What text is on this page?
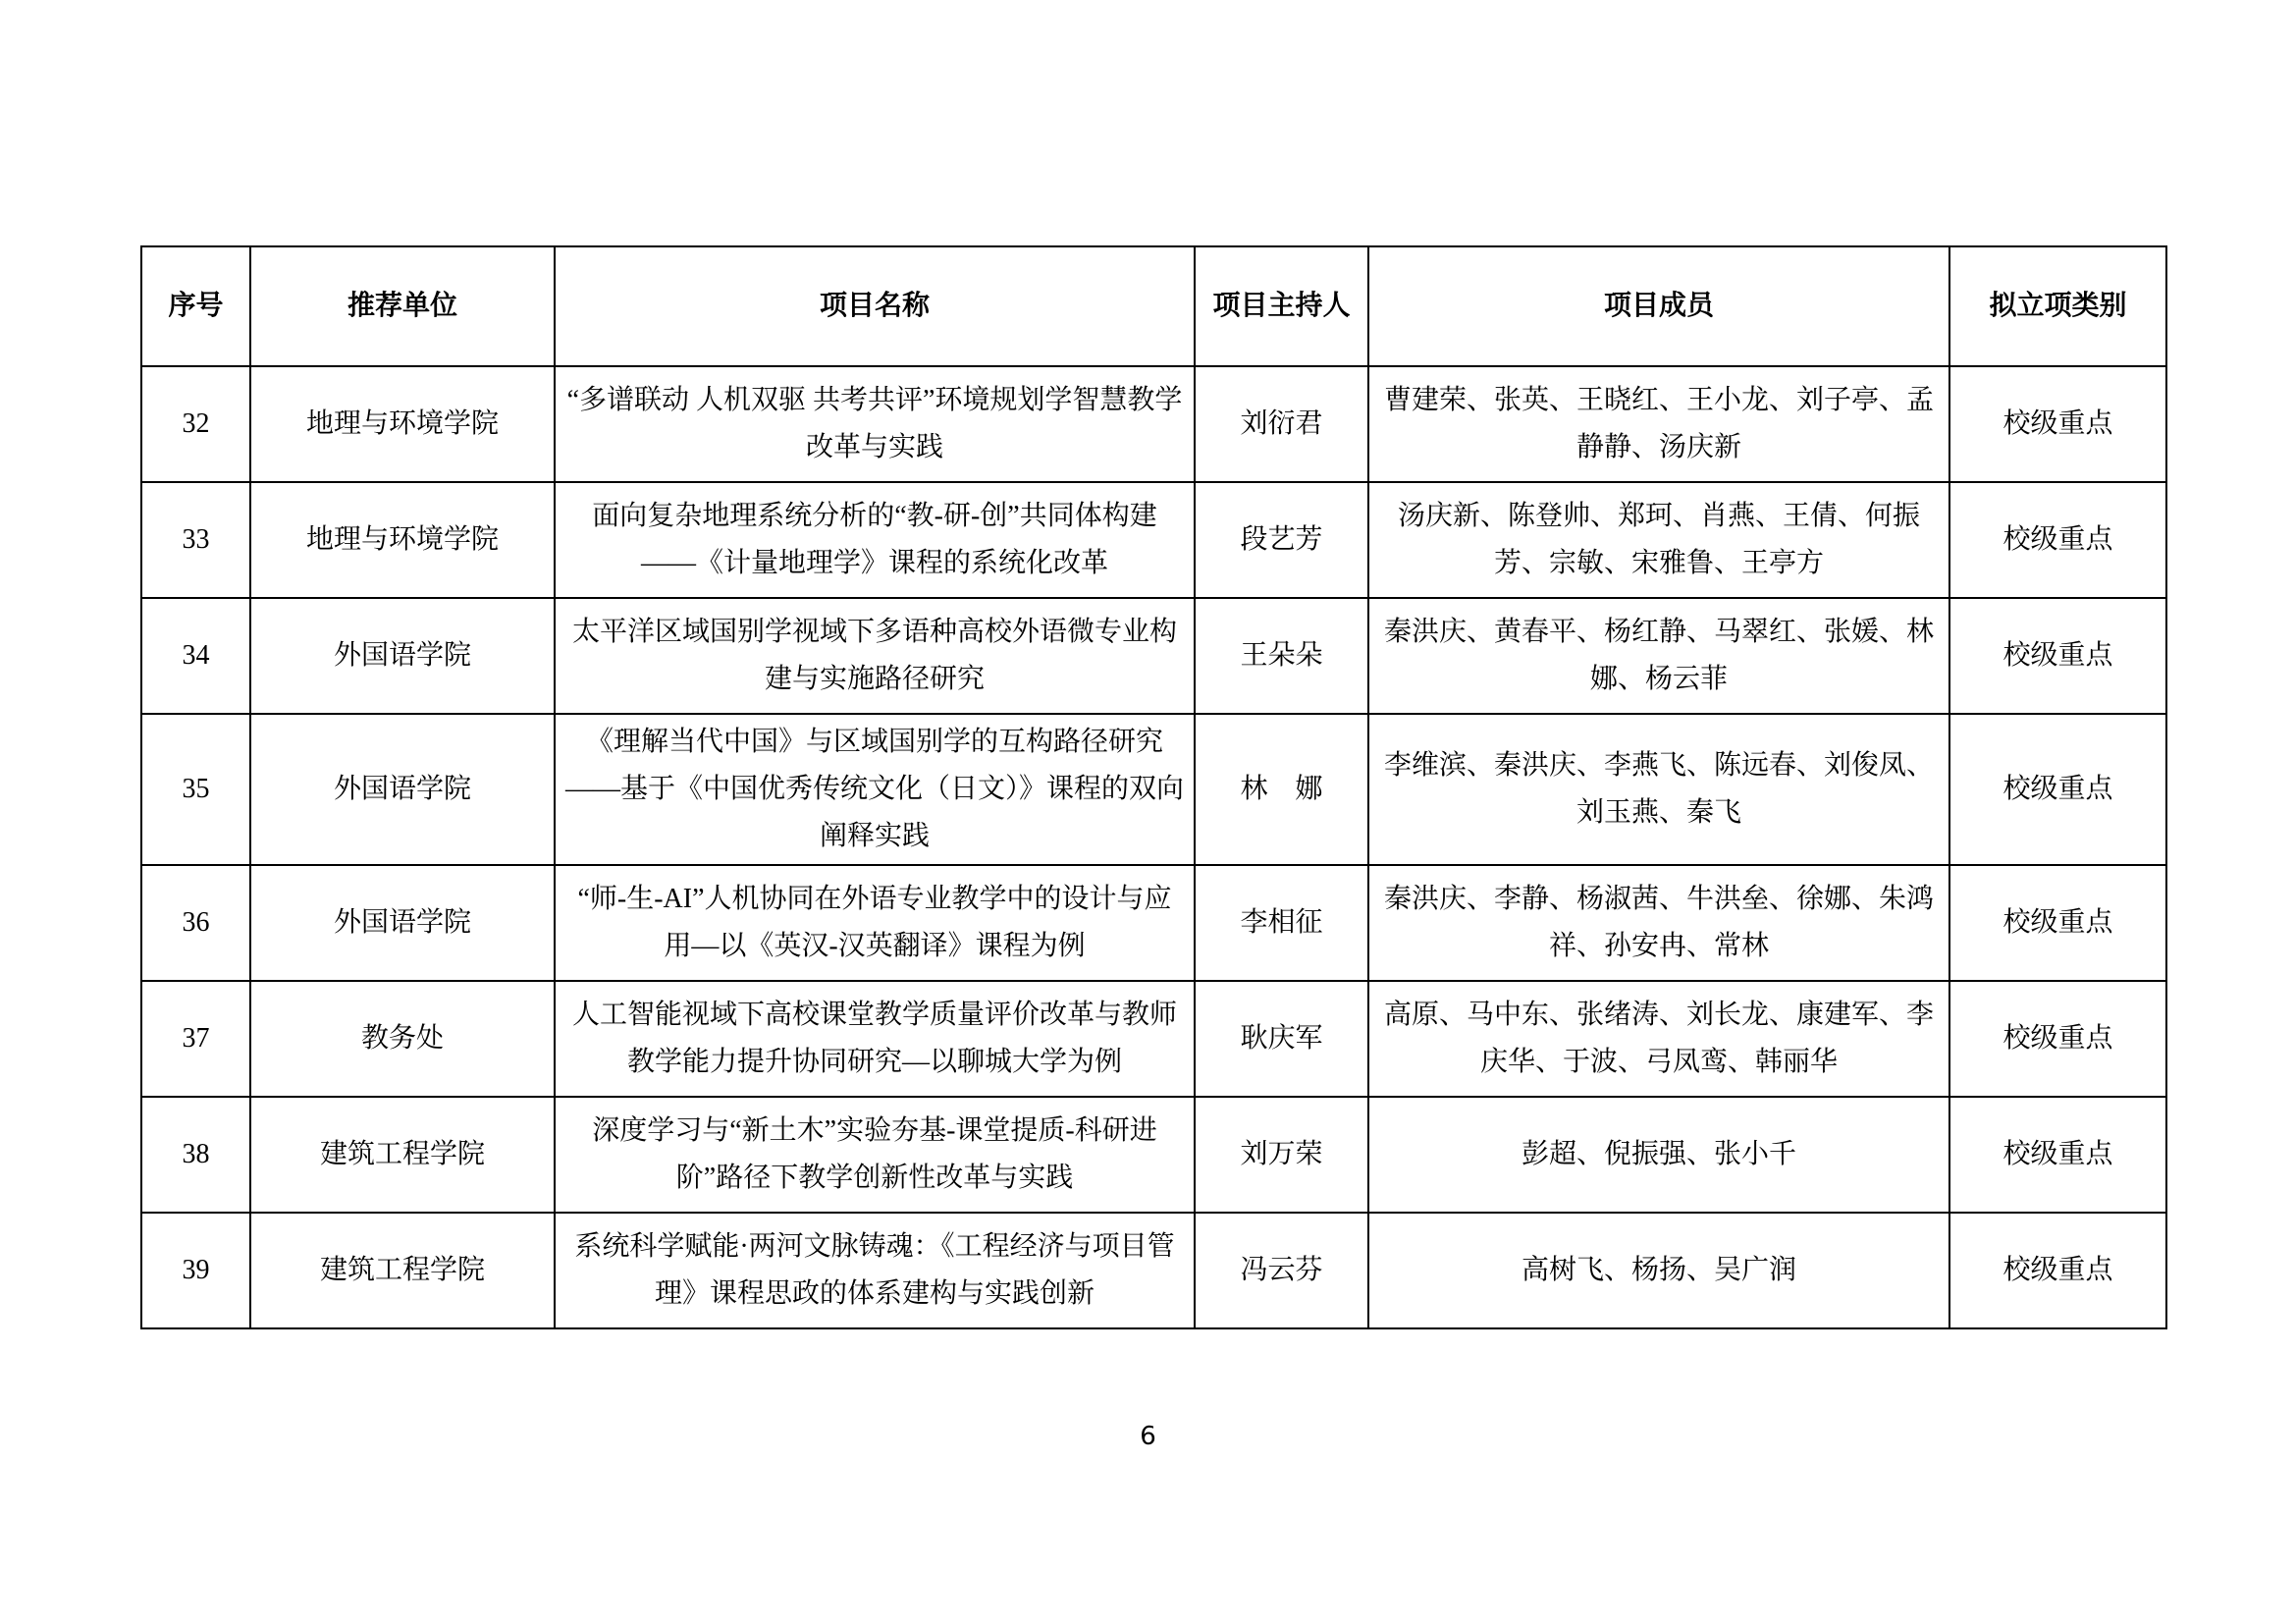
序号	推荐单位	项目名称	项目主持人	项目成员	拟立项类别
32	地理与环境学院	“多谱联动 人机双驱 共考共评”环境规划学智慧教学改革与实践	刘衍君	曹建荣、张英、王晓红、王小龙、刘子亭、孟静静、汤庆新	校级重点
33	地理与环境学院	面向复杂地理系统分析的“教-研-创”共同体构建——《计量地理学》课程的系统化改革	段艺芳	汤庆新、陈登帅、郑珂、肖燕、王倩、何振芳、宗敏、宋雅鲁、王亭方	校级重点
34	外国语学院	太平洋区域国别学视域下多语种高校外语微专业构建与实施路径研究	王朵朵	秦洪庆、黄春平、杨红静、马翠红、张媛、林娜、杨云菲	校级重点
35	外国语学院	《理解当代中国》与区域国别学的互构路径研究——基于《中国优秀传统文化（日文）》课程的双向阐释实践	林　娜	李维滨、秦洪庆、李燕飞、陈远春、刘俊凤、刘玉燕、秦飞	校级重点
36	外国语学院	“师-生-AI”人机协同在外语专业教学中的设计与应用—以《英汉-汉英翻译》课程为例	李相征	秦洪庆、李静、杨淑茜、牛洪垒、徐娜、朱鸿祥、孙安冉、常林	校级重点
37	教务处	人工智能视域下高校课堂教学质量评价改革与教师教学能力提升协同研究—以聊城大学为例	耿庆军	高原、马中东、张绪涛、刘长龙、康建军、李庆华、于波、弓凤鸾、韩丽华	校级重点
38	建筑工程学院	深度学习与“新土木”实验夯基-课堂提质-科研进阶”路径下教学创新性改革与实践	刘万荣	彭超、倪振强、张小千	校级重点
39	建筑工程学院	系统科学赋能·两河文脉铸魂：《工程经济与项目管理》课程思政的体系建构与实践创新	冯云芬	高树飞、杨扬、吴广润	校级重点
6
